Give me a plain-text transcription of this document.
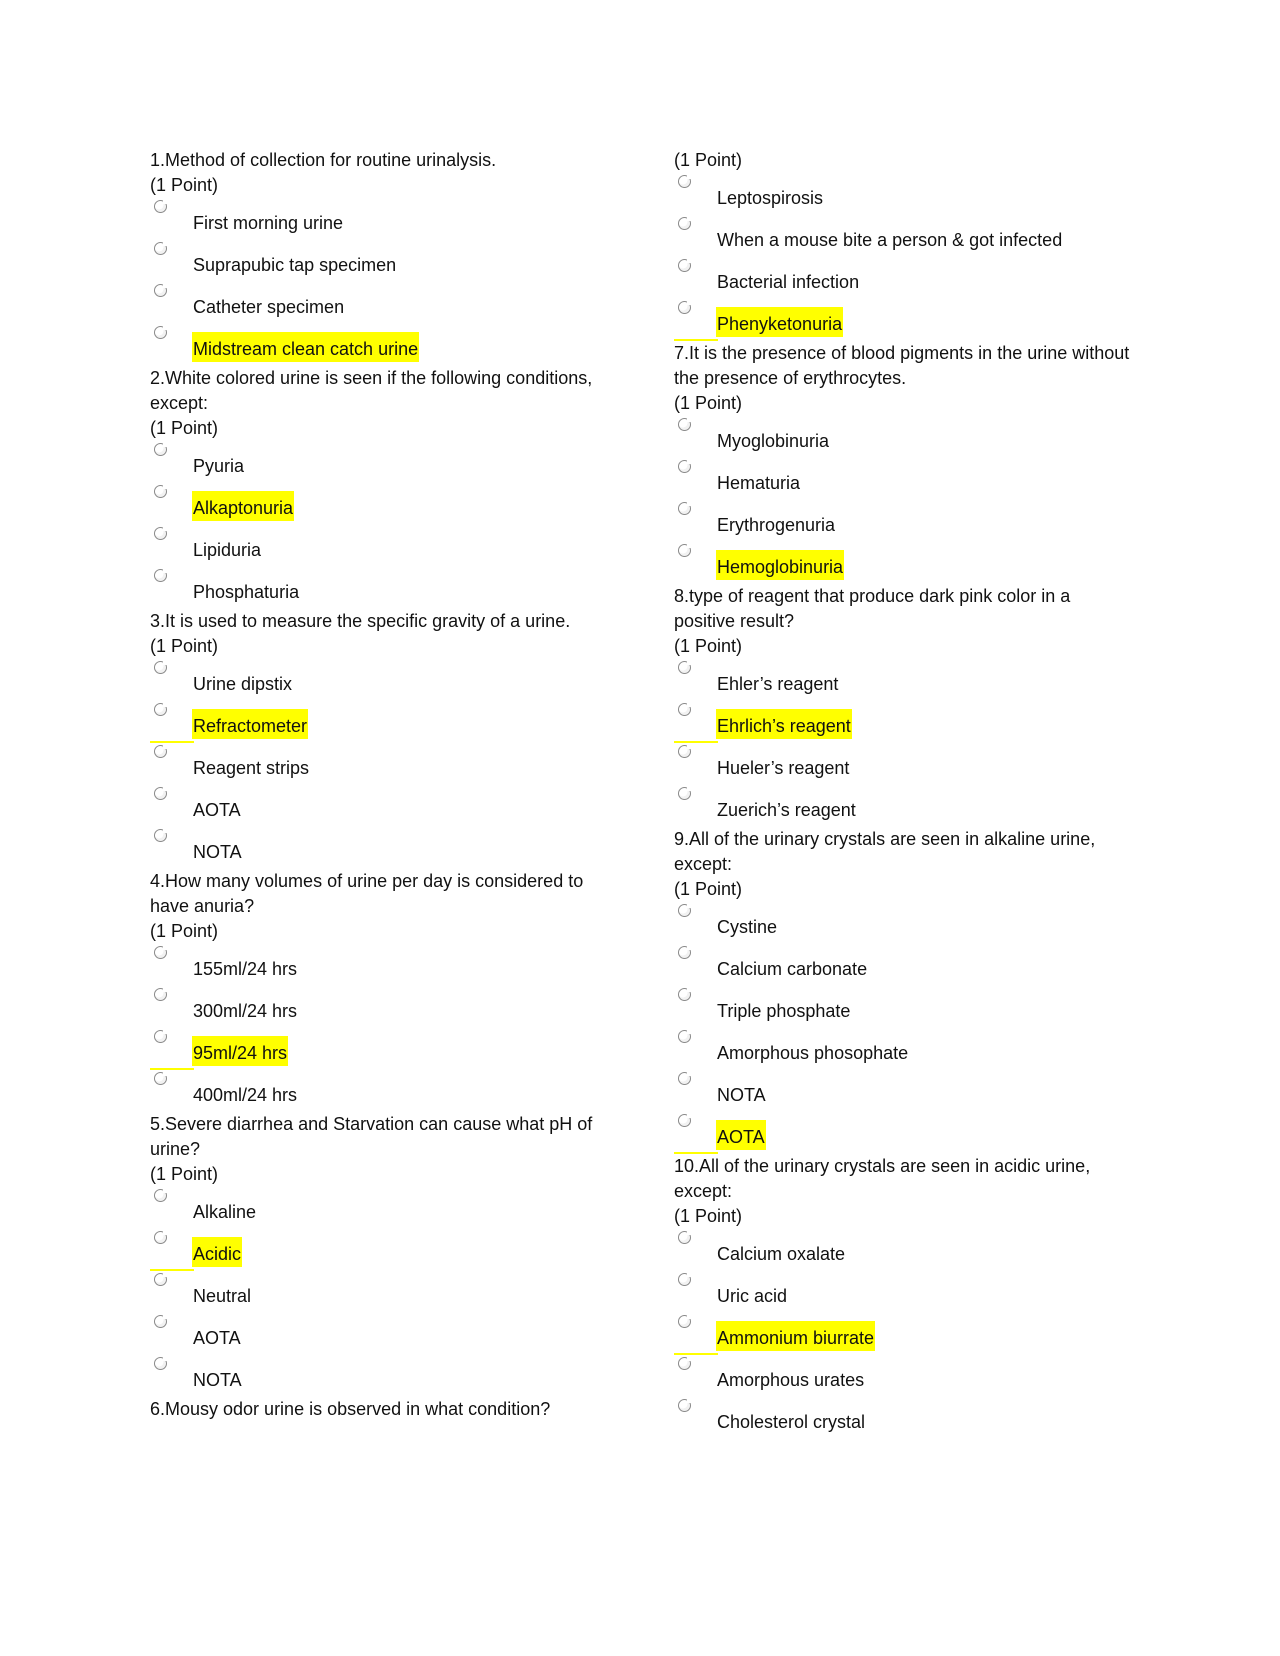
1.Method of collection for routine urinalysis.
(1 Point)
First morning urine
Suprapubic tap specimen
Catheter specimen
Midstream clean catch urine
2.White colored urine is seen if the following conditions, except:
(1 Point)
Pyuria
Alkaptonuria
Lipiduria
Phosphaturia
3.It is used to measure the specific gravity of a urine.
(1 Point)
Urine dipstix
Refractometer
Reagent strips
AOTA
NOTA
4.How many volumes of urine per day is considered to have anuria?
(1 Point)
155ml/24 hrs
300ml/24 hrs
95ml/24 hrs
400ml/24 hrs
5.Severe diarrhea and Starvation can cause what pH of urine?
(1 Point)
Alkaline
Acidic
Neutral
AOTA
NOTA
6.Mousy odor urine is observed in what condition?
(1 Point)
Leptospirosis
When a mouse bite a person & got infected
Bacterial infection
Phenyketonuria
7.It is the presence of blood pigments in the urine without the presence of erythrocytes.
(1 Point)
Myoglobinuria
Hematuria
Erythrogenuria
Hemoglobinuria
8.type of reagent that produce dark pink color in a positive result?
(1 Point)
Ehler’s reagent
Ehrlich’s reagent
Hueler’s reagent
Zuerich’s reagent
9.All of the urinary crystals are seen in alkaline urine, except:
(1 Point)
Cystine
Calcium carbonate
Triple phosphate
Amorphous phosophate
NOTA
AOTA
10.All of the urinary crystals are seen in acidic urine, except:
(1 Point)
Calcium oxalate
Uric acid
Ammonium biurrate
Amorphous urates
Cholesterol crystal
